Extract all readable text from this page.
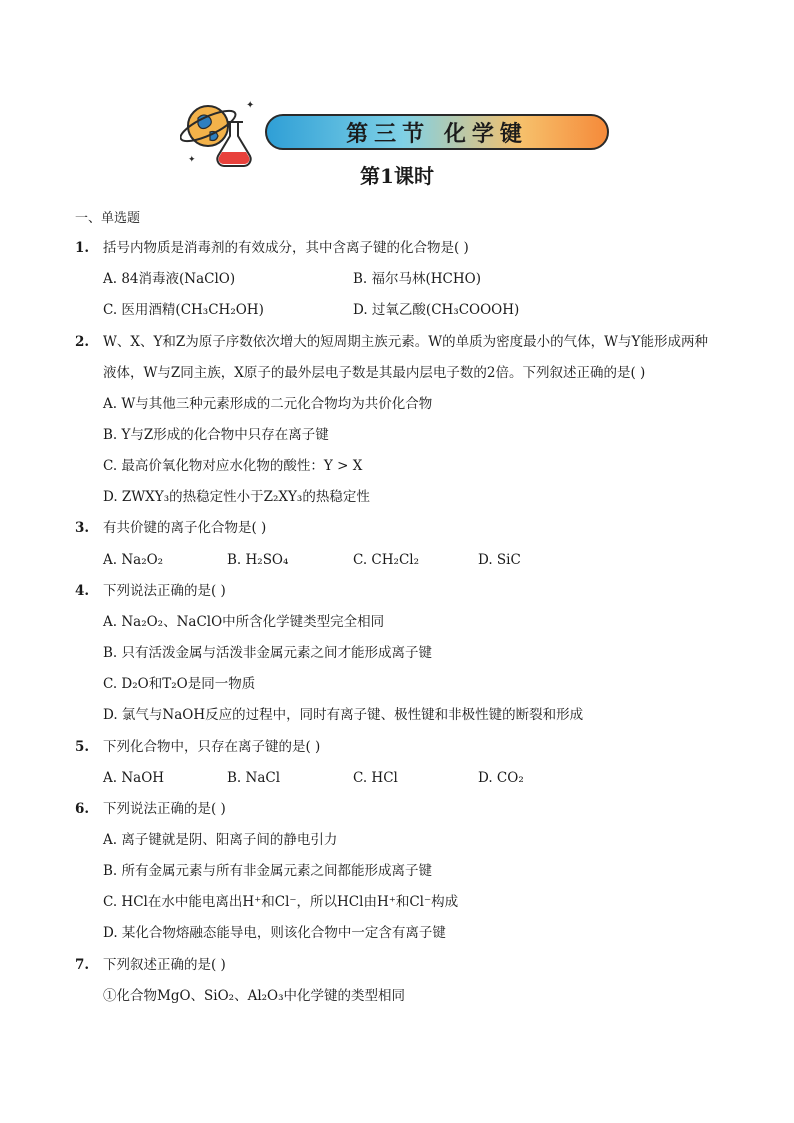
✦
✦
第三节 化学键
第1课时
一、单选题
1. 括号内物质是消毒剂的有效成分，其中含离子键的化合物是( )
A. 84消毒液(NaClO)	B. 福尔马林(HCHO)
C. 医用酒精(CH₃CH₂OH)	D. 过氧乙酸(CH₃COOOH)
2. W、X、Y和Z为原子序数依次增大的短周期主族元素。W的单质为密度最小的气体，W与Y能形成两种
液体，W与Z同主族，X原子的最外层电子数是其最内层电子数的2倍。下列叙述正确的是( )
A. W与其他三种元素形成的二元化合物均为共价化合物
B. Y与Z形成的化合物中只存在离子键
C. 最高价氧化物对应水化物的酸性：Y > X
D. ZWXY₃的热稳定性小于Z₂XY₃的热稳定性
3. 有共价键的离子化合物是( )
A. Na₂O₂	B. H₂SO₄	C. CH₂Cl₂	D. SiC
4. 下列说法正确的是( )
A. Na₂O₂、NaClO中所含化学键类型完全相同
B. 只有活泼金属与活泼非金属元素之间才能形成离子键
C. D₂O和T₂O是同一物质
D. 氯气与NaOH反应的过程中，同时有离子键、极性键和非极性键的断裂和形成
5. 下列化合物中，只存在离子键的是( )
A. NaOH	B. NaCl	C. HCl	D. CO₂
6. 下列说法正确的是( )
A. 离子键就是阴、阳离子间的静电引力
B. 所有金属元素与所有非金属元素之间都能形成离子键
C. HCl在水中能电离出H⁺和Cl⁻，所以HCl由H⁺和Cl⁻构成
D. 某化合物熔融态能导电，则该化合物中一定含有离子键
7. 下列叙述正确的是( )
①化合物MgO、SiO₂、Al₂O₃中化学键的类型相同
